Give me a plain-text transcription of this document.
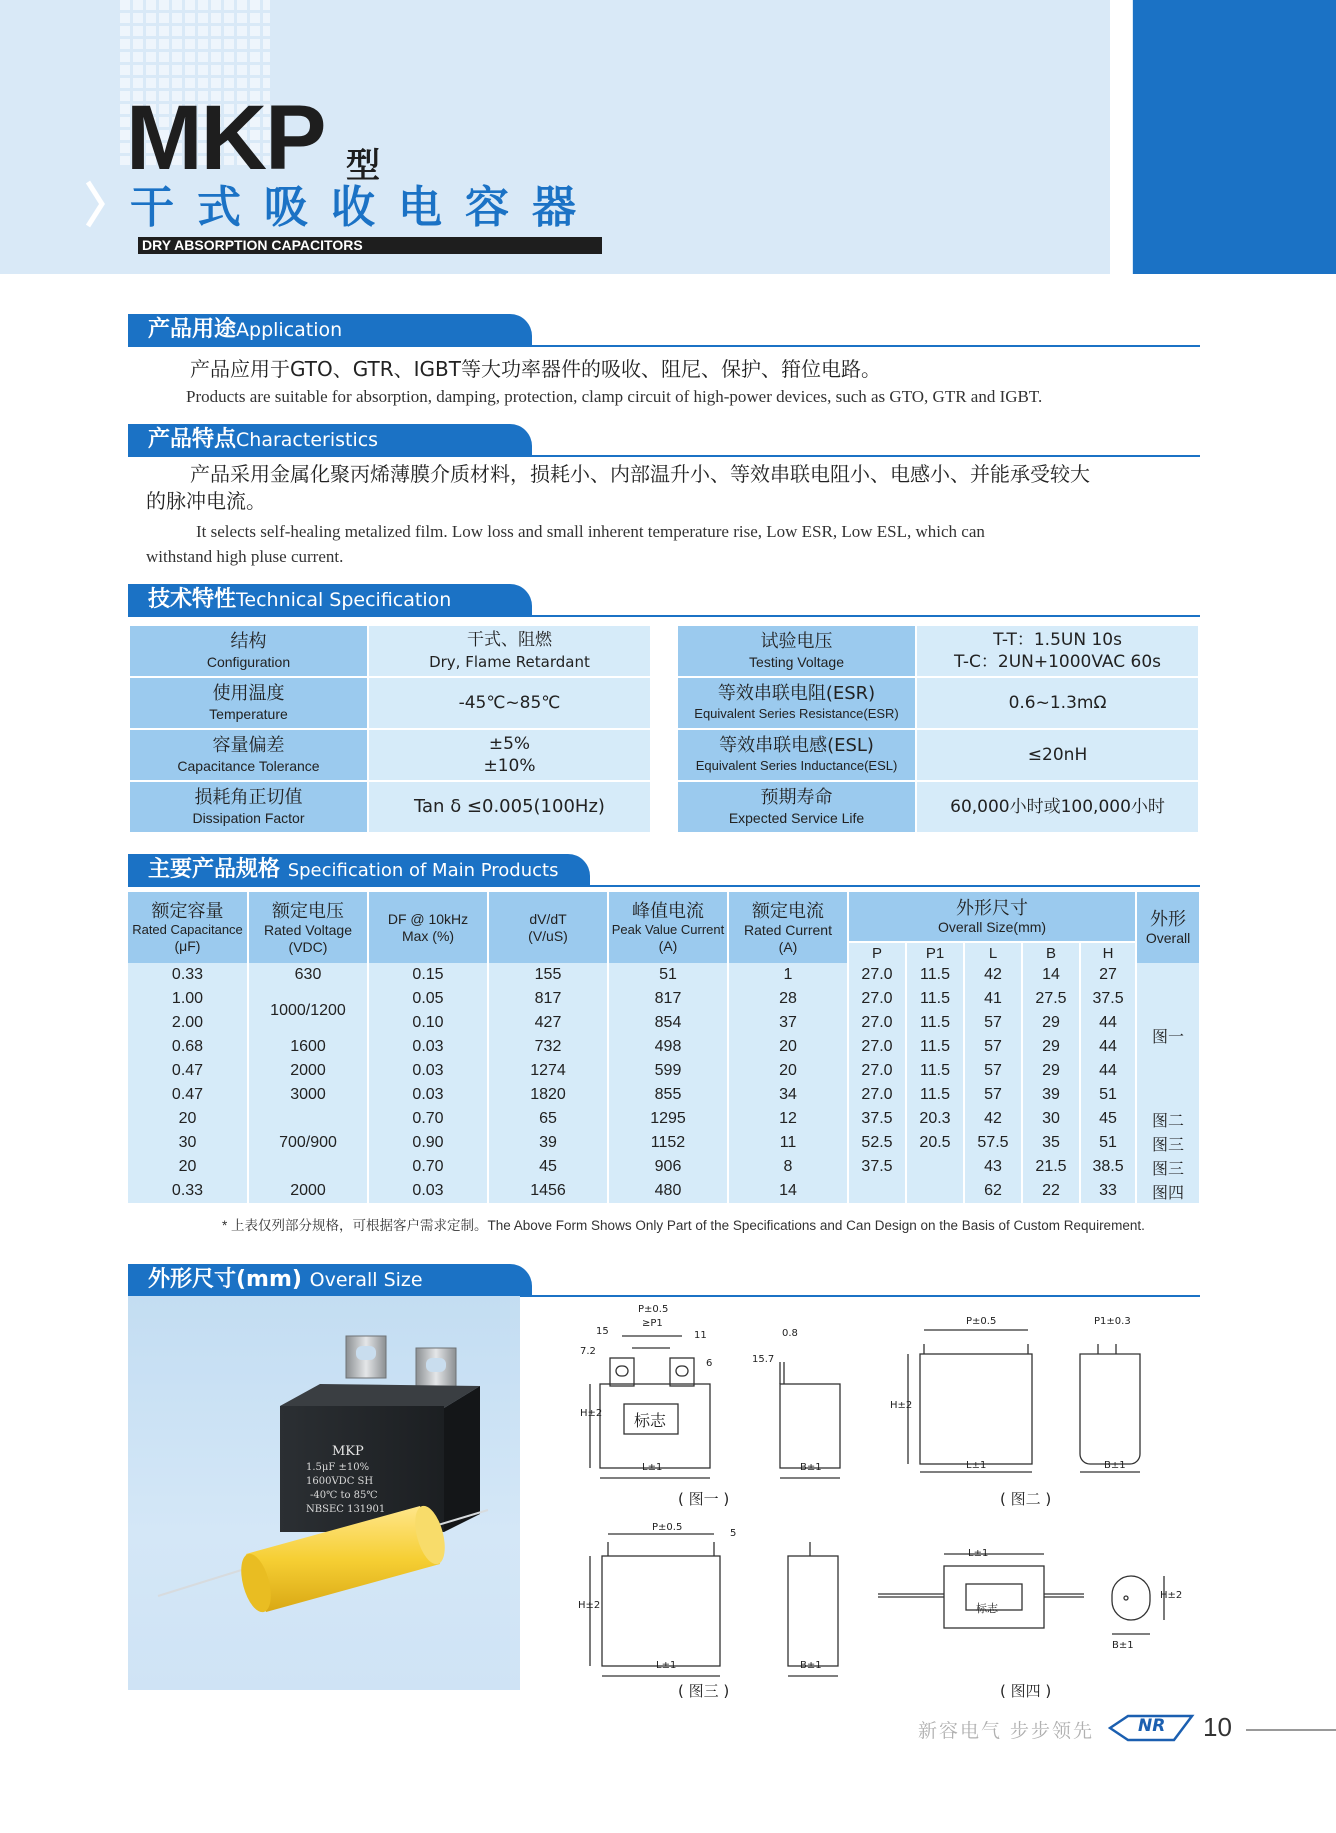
MKP 型
干式吸收电容器
DRY ABSORPTION CAPACITORS
产品用途Application
产品应用于GTO、GTR、IGBT等大功率器件的吸收、阻尼、保护、箝位电路。
Products are suitable for absorption, damping, protection, clamp circuit of high-power devices, such as GTO, GTR and IGBT.
产品特点Characteristics
产品采用金属化聚丙烯薄膜介质材料，损耗小、内部温升小、等效串联电阻小、电感小、并能承受较大
的脉冲电流。
It selects self-healing metalized film. Low loss and small inherent temperature rise, Low ESR, Low ESL, which can
withstand high pluse current.
技术特性Technical Specification
结构
Configuration	干式、阻燃
Dry, Flame Retardant

使用温度
Temperature	-45℃~85℃

容量偏差
Capacitance Tolerance	±5%
±10%

损耗角正切值
Dissipation Factor	Tan δ ≤0.005(100Hz)
试验电压
Testing Voltage	T-T：1.5UN 10s
T-C：2UN+1000VAC 60s

等效串联电阻(ESR)
Equivalent Series Resistance(ESR)	0.6~1.3mΩ

等效串联电感(ESL)
Equivalent Series Inductance(ESL)	≤20nH

预期寿命
Expected Service Life	60,000小时或100,000小时
主要产品规格 Specification of Main Products
额定容量
Rated Capacitance
(μF)	额定电压
Rated Voltage
(VDC)	DF @ 10kHz
Max (%)	dV/dT
(V/uS)	峰值电流
Peak Value Current
(A)	额定电流
Rated Current
(A)	外形尺寸
Overall Size(mm)					外形
Overall

						P	P1	L	B	H	
0.33	630	0.15	155	51	1	27.0	11.5	42	14	27	图一
1.00	1000/1200	0.05	817	817	28	27.0	11.5	41	27.5	37.5	
2.00		0.10	427	854	37	27.0	11.5	57	29	44	
0.68	1600	0.03	732	498	20	27.0	11.5	57	29	44	
0.47	2000	0.03	1274	599	20	27.0	11.5	57	29	44	
0.47	3000	0.03	1820	855	34	27.0	11.5	57	39	51	
20	700/900	0.70	65	1295	12	37.5	20.3	42	30	45	图二
30		0.90	39	1152	11	52.5	20.5	57.5	35	51	图三
20		0.70	45	906	8	37.5		43	21.5	38.5	图三
0.33	2000	0.03	1456	480	14			62	22	33	图四
* 上表仅列部分规格，可根据客户需求定制。The Above Form Shows Only Part of the Specifications and Can Design on the Basis of Custom Requirement.
外形尺寸(mm) Overall Size
MKP
1.5μF ±10%
1600VDC SH
-40℃ to 85℃
NBSEC 131901
P±0.5
≥P1
15	11
7.2
6	15.7
0.8
H±2 标志
L±1	B±1
( 图一 )
P±0.5	P1±0.3
H±2
L±1	B±1
( 图二 )
P±0.5
5
H±2
L±1	B±1
( 图三 )
L±1
标志
B±1
H±2
( 图四 )
新容电气 步步领先	NR 10
